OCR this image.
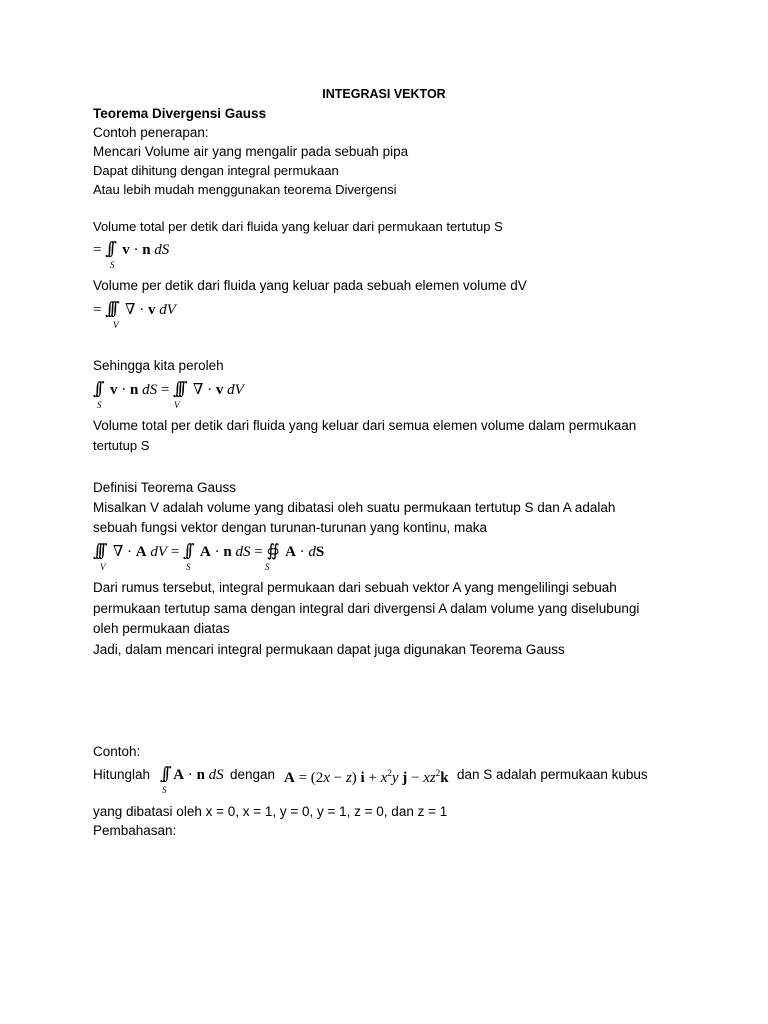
INTEGRASI VEKTOR
Teorema Divergensi Gauss
Contoh penerapan:
Mencari Volume air yang mengalir pada sebuah pipa
Dapat dihitung dengan integral permukaan
Atau lebih mudah menggunakan teorema Divergensi
Volume total per detik dari fluida yang keluar dari permukaan tertutup S
= ∫∫ v · n dS
S
Volume per detik dari fluida yang keluar pada sebuah elemen volume dV
= ∫∫∫   ∇ · v dV
V
Sehingga kita peroleh
∫∫ v · n dS = ∫∫∫   ∇ · v dV
S	V
Volume total per detik dari fluida yang keluar dari semua elemen volume dalam permukaan
tertutup S
Definisi Teorema Gauss
Misalkan V adalah volume yang dibatasi oleh suatu permukaan tertutup S dan A adalah
sebuah fungsi vektor dengan turunan-turunan yang kontinu, maka
∫∫∫   ∇ · A dV = ∫∫ A · n dS = ∯ A · dS
V	S	S
Dari rumus tersebut, integral permukaan dari sebuah vektor A yang mengelilingi sebuah
permukaan tertutup sama dengan integral dari divergensi A dalam volume yang diselubungi
oleh permukaan diatas
Jadi, dalam mencari integral permukaan dapat juga digunakan Teorema Gauss
Contoh:
Hitunglah ∫∫ A · n dS
S
dengan A = (2x − z) $i + x^2y$ $j - xz^2k$ dan S adalah permukaan kubus
yang dibatasi oleh x = 0, x = 1, y = 0, y = 1, z = 0, dan z = 1
Pembahasan:
